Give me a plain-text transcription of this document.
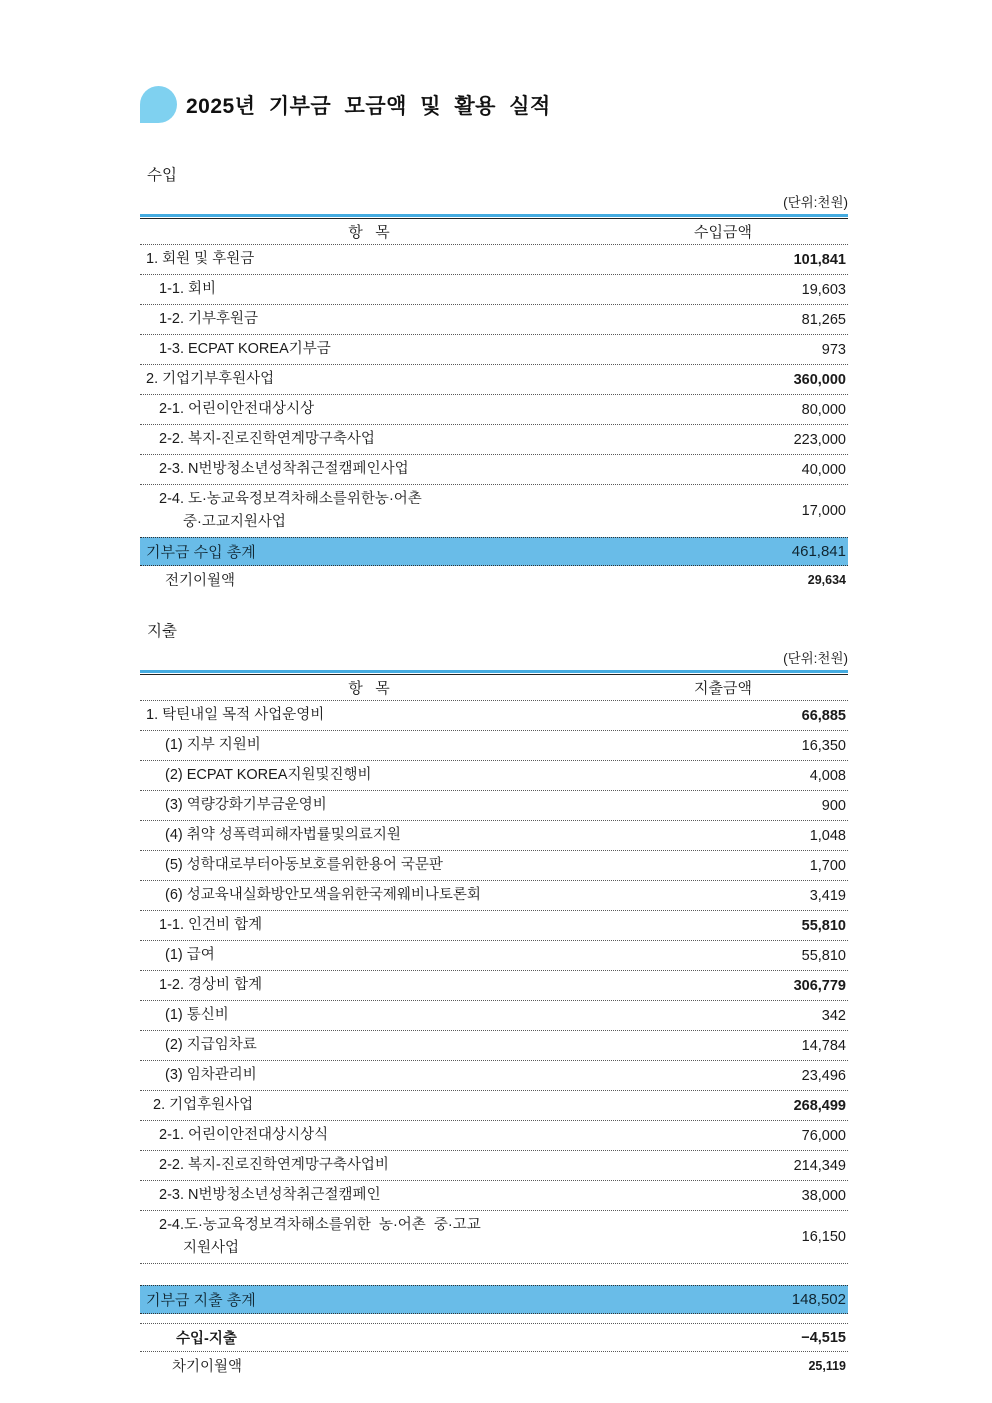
2025년 기부금 모금액 및 활용 실적
수입
(단위:천원)
항   목	수입금액
1. 회원 및 후원금	101,841
1-1. 회비	19,603
1-2. 기부후원금	81,265
1-3. ECPAT KOREA기부금	973
2. 기업기부후원사업	360,000
2-1. 어린이안전대상시상	80,000
2-2. 복지-진로진학연계망구축사업	223,000
2-3. N번방청소년성착취근절캠페인사업	40,000
2-4. 도·농교육정보격차해소를위한농·어촌
중·고교지원사업
17,000
기부금 수입 총계	461,841
전기이월액	29,634
지출
(단위:천원)
항   목	지출금액
1. 탁틴내일 목적 사업운영비	66,885
(1) 지부 지원비	16,350
(2) ECPAT KOREA지원및진행비	4,008
(3) 역량강화기부금운영비	900
(4) 취약 성폭력피해자법률및의료지원	1,048
(5) 성학대로부터아동보호를위한용어 국문판	1,700
(6) 성교육내실화방안모색을위한국제웨비나토론회	3,419
1-1. 인건비 합계	55,810
(1) 급여	55,810
1-2. 경상비 합계	306,779
(1) 통신비	342
(2) 지급임차료	14,784
(3) 임차관리비	23,496
2. 기업후원사업	268,499
2-1. 어린이안전대상시상식	76,000
2-2. 복지-진로진학연계망구축사업비	214,349
2-3. N번방청소년성착취근절캠페인	38,000
2-4.도·농교육정보격차해소를위한  농·어촌  중·고교
지원사업
16,150
기부금 지출 총계	148,502
수입-지출	−4,515
차기이월액	25,119
